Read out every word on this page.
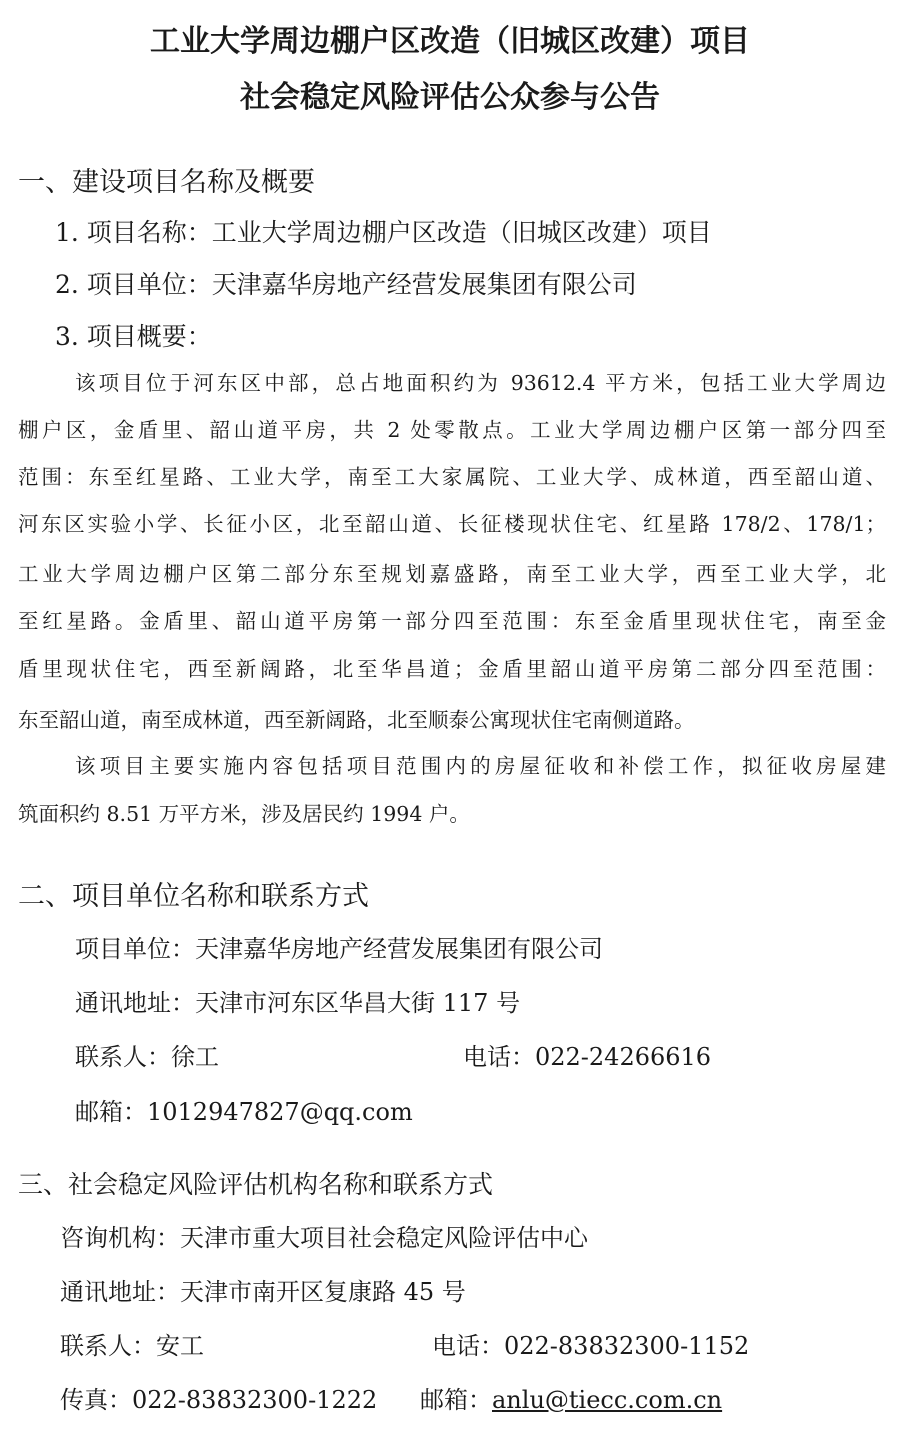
工业大学周边棚户区改造（旧城区改建）项目
社会稳定风险评估公众参与公告
一、建设项目名称及概要
1. 项目名称：工业大学周边棚户区改造（旧城区改建）项目
2. 项目单位：天津嘉华房地产经营发展集团有限公司
3. 项目概要：
该项目位于河东区中部，总占地面积约为 93612.4 平方米，包括工业大学周边
棚户区，金盾里、韶山道平房，共 2 处零散点。工业大学周边棚户区第一部分四至
范围：东至红星路、工业大学，南至工大家属院、工业大学、成林道，西至韶山道、
河东区实验小学、长征小区，北至韶山道、长征楼现状住宅、红星路 178/2、178/1；
工业大学周边棚户区第二部分东至规划嘉盛路，南至工业大学，西至工业大学，北
至红星路。金盾里、韶山道平房第一部分四至范围：东至金盾里现状住宅，南至金
盾里现状住宅，西至新阔路，北至华昌道；金盾里韶山道平房第二部分四至范围：
东至韶山道，南至成林道，西至新阔路，北至顺泰公寓现状住宅南侧道路。
该项目主要实施内容包括项目范围内的房屋征收和补偿工作，拟征收房屋建
筑面积约 8.51 万平方米，涉及居民约 1994 户。
二、项目单位名称和联系方式
项目单位：天津嘉华房地产经营发展集团有限公司
通讯地址：天津市河东区华昌大街 117 号
联系人：徐工	电话：022-24266616
邮箱：1012947827@qq.com
三、社会稳定风险评估机构名称和联系方式
咨询机构：天津市重大项目社会稳定风险评估中心
通讯地址：天津市南开区复康路 45 号
联系人：安工	电话：022-83832300-1152
传真：022-83832300-1222 邮箱：anlu@tiecc.com.cn
